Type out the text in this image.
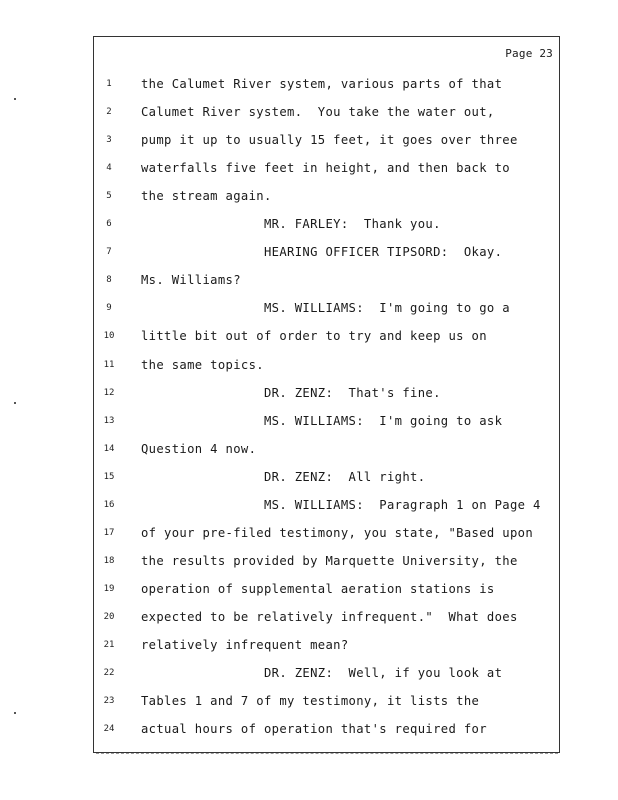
Page 23
1	the Calumet River system, various parts of that
2	Calumet River system.  You take the water out,
3	pump it up to usually 15 feet, it goes over three
4	waterfalls five feet in height, and then back to
5	the stream again.
6	MR. FARLEY:  Thank you.
7	HEARING OFFICER TIPSORD:  Okay.
8	Ms. Williams?
9	MS. WILLIAMS:  I'm going to go a
10	little bit out of order to try and keep us on
11	the same topics.
12	DR. ZENZ:  That's fine.
13	MS. WILLIAMS:  I'm going to ask
14	Question 4 now.
15	DR. ZENZ:  All right.
16	MS. WILLIAMS:  Paragraph 1 on Page 4
17	of your pre-filed testimony, you state, "Based upon
18	the results provided by Marquette University, the
19	operation of supplemental aeration stations is
20	expected to be relatively infrequent."  What does
21	relatively infrequent mean?
22	DR. ZENZ:  Well, if you look at
23	Tables 1 and 7 of my testimony, it lists the
24	actual hours of operation that's required for
